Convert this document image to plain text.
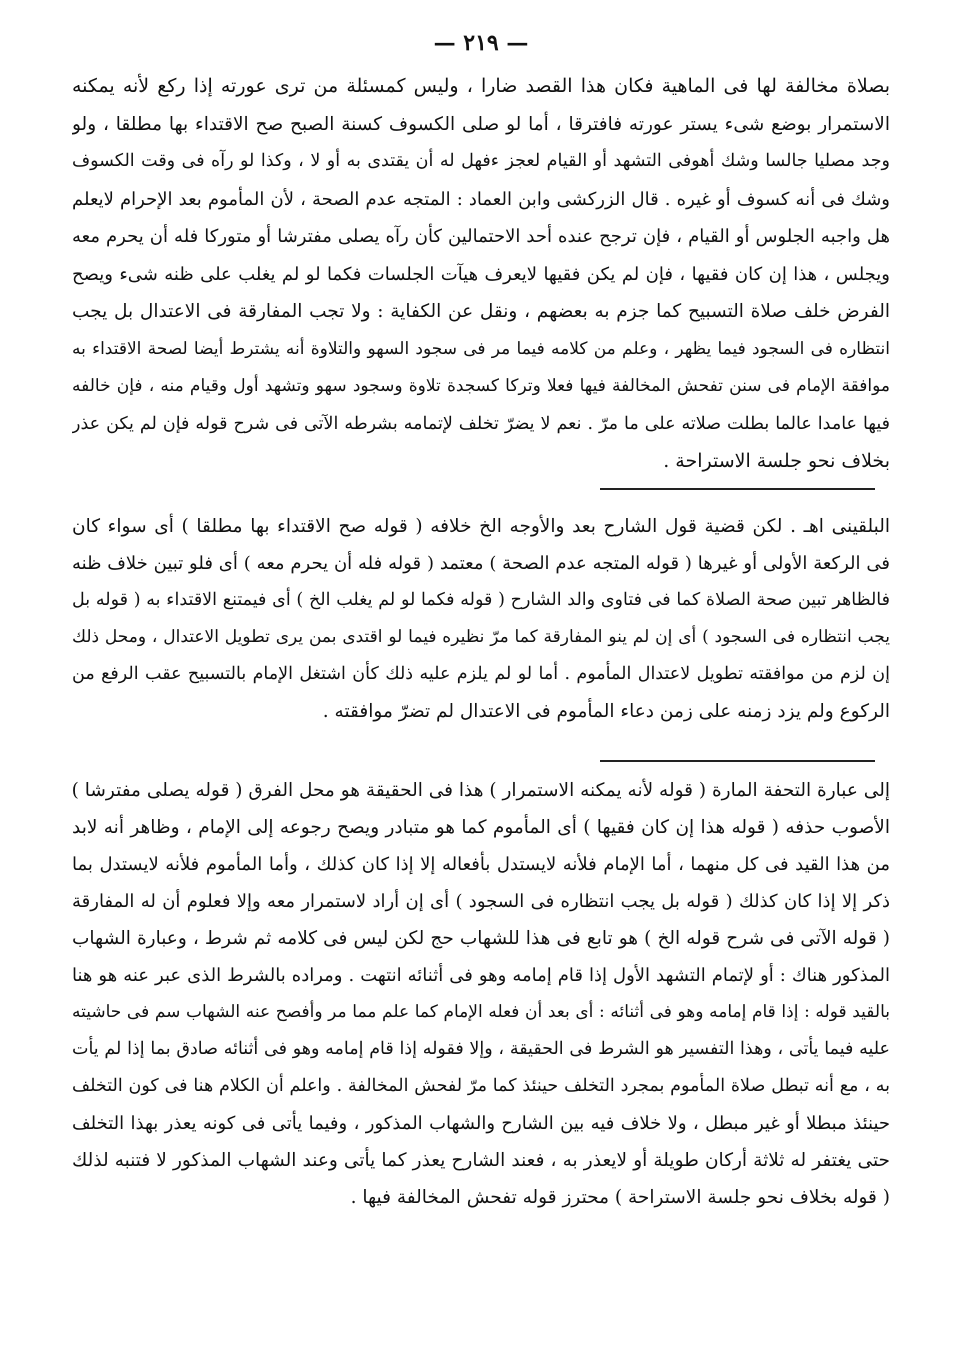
— ٢١٩ —
بصلاة مخالفة لها فى الماهية فكان هذا القصد ضارا ، وليس كمسئلة من ترى عورته إذا ركع لأنه يمكنه
الاستمرار بوضع شىء يستر عورته فافترقا ، أما لو صلى الكسوف كسنة الصبح صح الاقتداء بها مطلقا ، ولو
وجد مصليا جالسا وشك أهوفى التشهد أو القيام لعجز ءفهل له أن يقتدى به أو لا ، وكذا لو رآه فى وقت الكسوف
وشك فى أنه كسوف أو غيره . قال الزركشى وابن العماد : المتجه عدم الصحة ، لأن المأموم بعد الإحرام لايعلم
هل واجبه الجلوس أو القيام ، فإن ترجح عنده أحد الاحتمالين كأن رآه يصلى مفترشا أو متوركا فله أن يحرم معه
ويجلس ، هذا إن كان فقيها ، فإن لم يكن فقيها لايعرف هيآت الجلسات فكما لو لم يغلب على ظنه شىء ويصح
الفرض خلف صلاة التسبيح كما جزم به بعضهم ، ونقل عن الكفاية : ولا تجب المفارقة فى الاعتدال بل يجب
انتظاره فى السجود فيما يظهر ، وعلم من كلامه فيما مر فى سجود السهو والتلاوة أنه يشترط أيضا لصحة الاقتداء به
موافقة الإمام فى سنن تفحش المخالفة فيها فعلا وتركا كسجدة تلاوة وسجود سهو وتشهد أول وقيام منه ، فإن خالفه
فيها عامدا عالما بطلت صلاته على ما مرّ . نعم لا يضرّ تخلف لإتمامه بشرطه الآتى فى شرح قوله فإن لم يكن عذر
بخلاف نحو جلسة الاستراحة .
البلقينى اهـ . لكن قضية قول الشارح بعد والأوجه الخ خلافه ( قوله صح الاقتداء بها مطلقا ) أى سواء كان
فى الركعة الأولى أو غيرها ( قوله المتجه عدم الصحة ) معتمد ( قوله فله أن يحرم معه ) أى فلو تبين خلاف ظنه
فالظاهر تبين صحة الصلاة كما فى فتاوى والد الشارح ( قوله فكما لو لم يغلب الخ ) أى فيمتنع الاقتداء به ( قوله بل
يجب انتظاره فى السجود ) أى إن لم ينو المفارقة كما مرّ نظيره فيما لو اقتدى بمن يرى تطويل الاعتدال ، ومحل ذلك
إن لزم من موافقته تطويل لاعتدال المأموم . أما لو لم يلزم عليه ذلك كأن اشتغل الإمام بالتسبيح عقب الرفع من
الركوع ولم يزد زمنه على زمن دعاء المأموم فى الاعتدال لم تضرّ موافقته .
إلى عبارة التحفة المارة ( قوله لأنه يمكنه الاستمرار ) هذا فى الحقيقة هو محل الفرق ( قوله يصلى مفترشا )
الأصوب حذفه ( قوله هذا إن كان فقيها ) أى المأموم كما هو متبادر ويصح رجوعه إلى الإمام ، وظاهر أنه لابد
من هذا القيد فى كل منهما ، أما الإمام فلأنه لايستدل بأفعاله إلا إذا كان كذلك ، وأما المأموم فلأنه لايستدل بما
ذكر إلا إذا كان كذلك ( قوله بل يجب انتظاره فى السجود ) أى إن أراد لاستمرار معه وإلا فعلوم أن له المفارقة
( قوله الآتى فى شرح قوله الخ ) هو تابع فى هذا للشهاب حج لكن ليس فى كلامه ثم شرط ، وعبارة الشهاب
المذكور هناك : أو لإتمام التشهد الأول إذا قام إمامه وهو فى أثنائه انتهت . ومراده بالشرط الذى عبر عنه هو هنا
بالقيد قوله : إذا قام إمامه وهو فى أثنائه : أى بعد أن فعله الإمام كما علم مما مر وأفصح عنه الشهاب سم فى حاشيته
عليه فيما يأتى ، وهذا التفسير هو الشرط فى الحقيقة ، وإلا فقوله إذا قام إمامه وهو فى أثنائه صادق بما إذا لم يأت
به ، مع أنه تبطل صلاة المأموم بمجرد التخلف حينئذ كما مرّ لفحش المخالفة . واعلم أن الكلام هنا فى كون التخلف
حينئذ مبطلا أو غير مبطل ، ولا خلاف فيه بين الشارح والشهاب المذكور ، وفيما يأتى فى كونه يعذر بهذا التخلف
حتى يغتفر له ثلاثة أركان طويلة أو لايعذر به ، فعند الشارح يعذر كما يأتى وعند الشهاب المذكور لا فتنبه لذلك
( قوله بخلاف نحو جلسة الاستراحة ) محترز قوله تفحش المخالفة فيها .
